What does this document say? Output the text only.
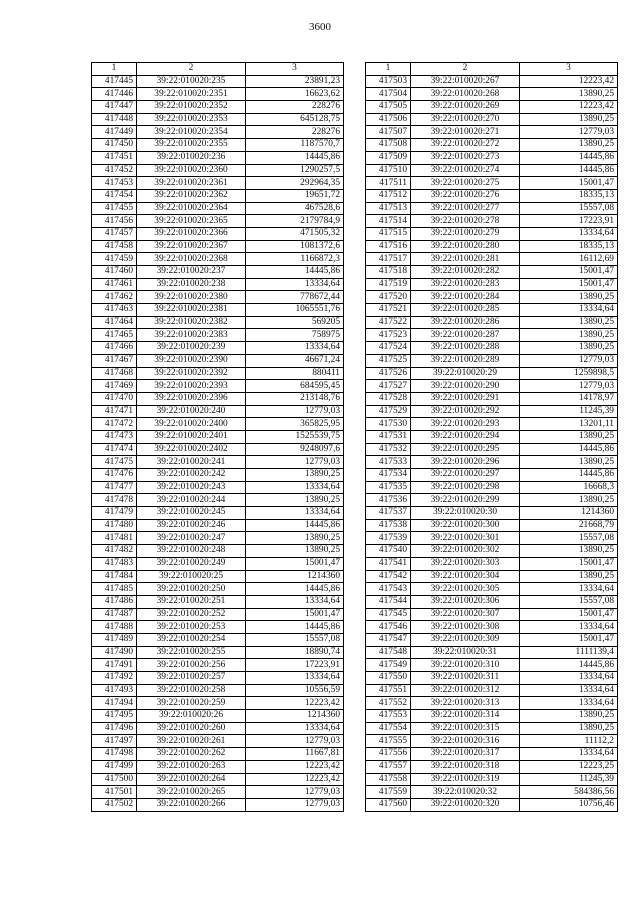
3600
1	2	3
417445	39:22:010020:235	23891,23
417446	39:22:010020:2351	16623,62
417447	39:22:010020:2352	228276
417448	39:22:010020:2353	645128,75
417449	39:22:010020:2354	228276
417450	39:22:010020:2355	1187570,7
417451	39:22:010020:236	14445,86
417452	39:22:010020:2360	1290257,5
417453	39:22:010020:2361	292964,35
417454	39:22:010020:2362	19651,72
417455	39:22:010020:2364	467528,6
417456	39:22:010020:2365	2179784,9
417457	39:22:010020:2366	471505,32
417458	39:22:010020:2367	1081372,6
417459	39:22:010020:2368	1166872,3
417460	39:22:010020:237	14445,86
417461	39:22:010020:238	13334,64
417462	39:22:010020:2380	778672,44
417463	39:22:010020:2381	1065551,76
417464	39:22:010020:2382	569205
417465	39:22:010020:2383	758975
417466	39:22:010020:239	13334,64
417467	39:22:010020:2390	46671,24
417468	39:22:010020:2392	880411
417469	39:22:010020:2393	684595,45
417470	39:22:010020:2396	213148,76
417471	39:22:010020:240	12779,03
417472	39:22:010020:2400	365825,95
417473	39:22:010020:2401	1525539,75
417474	39:22:010020:2402	9248097,6
417475	39:22:010020:241	12779,03
417476	39:22:010020:242	13890,25
417477	39:22:010020:243	13334,64
417478	39:22:010020:244	13890,25
417479	39:22:010020:245	13334,64
417480	39:22:010020:246	14445,86
417481	39:22:010020:247	13890,25
417482	39:22:010020:248	13890,25
417483	39:22:010020:249	15001,47
417484	39:22:010020:25	1214360
417485	39:22:010020:250	14445,86
417486	39:22:010020:251	13334,64
417487	39:22:010020:252	15001,47
417488	39:22:010020:253	14445,86
417489	39:22:010020:254	15557,08
417490	39:22:010020:255	18890,74
417491	39:22:010020:256	17223,91
417492	39:22:010020:257	13334,64
417493	39:22:010020:258	10556,59
417494	39:22:010020:259	12223,42
417495	39:22:010020:26	1214360
417496	39:22:010020:260	13334,64
417497	39:22:010020:261	12779,03
417498	39:22:010020:262	11667,81
417499	39:22:010020:263	12223,42
417500	39:22:010020:264	12223,42
417501	39:22:010020:265	12779,03
417502	39:22:010020:266	12779,03
1	2	3
417503	39:22:010020:267	12223,42
417504	39:22:010020:268	13890,25
417505	39:22:010020:269	12223,42
417506	39:22:010020:270	13890,25
417507	39:22:010020:271	12779,03
417508	39:22:010020:272	13890,25
417509	39:22:010020:273	14445,86
417510	39:22:010020:274	14445,86
417511	39:22:010020:275	15001,47
417512	39:22:010020:276	18335,13
417513	39:22:010020:277	15557,08
417514	39:22:010020:278	17223,91
417515	39:22:010020:279	13334,64
417516	39:22:010020:280	18335,13
417517	39:22:010020:281	16112,69
417518	39:22:010020:282	15001,47
417519	39:22:010020:283	15001,47
417520	39:22:010020:284	13890,25
417521	39:22:010020:285	13334,64
417522	39:22:010020:286	13890,25
417523	39:22:010020:287	13890,25
417524	39:22:010020:288	13890,25
417525	39:22:010020:289	12779,03
417526	39:22:010020:29	1259898,5
417527	39:22:010020:290	12779,03
417528	39:22:010020:291	14178,97
417529	39:22:010020:292	11245,39
417530	39:22:010020:293	13201,11
417531	39:22:010020:294	13890,25
417532	39:22:010020:295	14445,86
417533	39:22:010020:296	13890,25
417534	39:22:010020:297	14445,86
417535	39:22:010020:298	16668,3
417536	39:22:010020:299	13890,25
417537	39:22:010020:30	1214360
417538	39:22:010020:300	21668,79
417539	39:22:010020:301	15557,08
417540	39:22:010020:302	13890,25
417541	39:22:010020:303	15001,47
417542	39:22:010020:304	13890,25
417543	39:22:010020:305	13334,64
417544	39:22:010020:306	15557,08
417545	39:22:010020:307	15001,47
417546	39:22:010020:308	13334,64
417547	39:22:010020:309	15001,47
417548	39:22:010020:31	1111139,4
417549	39:22:010020:310	14445,86
417550	39:22:010020:311	13334,64
417551	39:22:010020:312	13334,64
417552	39:22:010020:313	13334,64
417553	39:22:010020:314	13890,25
417554	39:22:010020:315	13890,25
417555	39:22:010020:316	11112,2
417556	39:22:010020:317	13334,64
417557	39:22:010020:318	12223,25
417558	39:22:010020:319	11245,39
417559	39:22:010020:32	584386,56
417560	39:22:010020:320	10756,46
